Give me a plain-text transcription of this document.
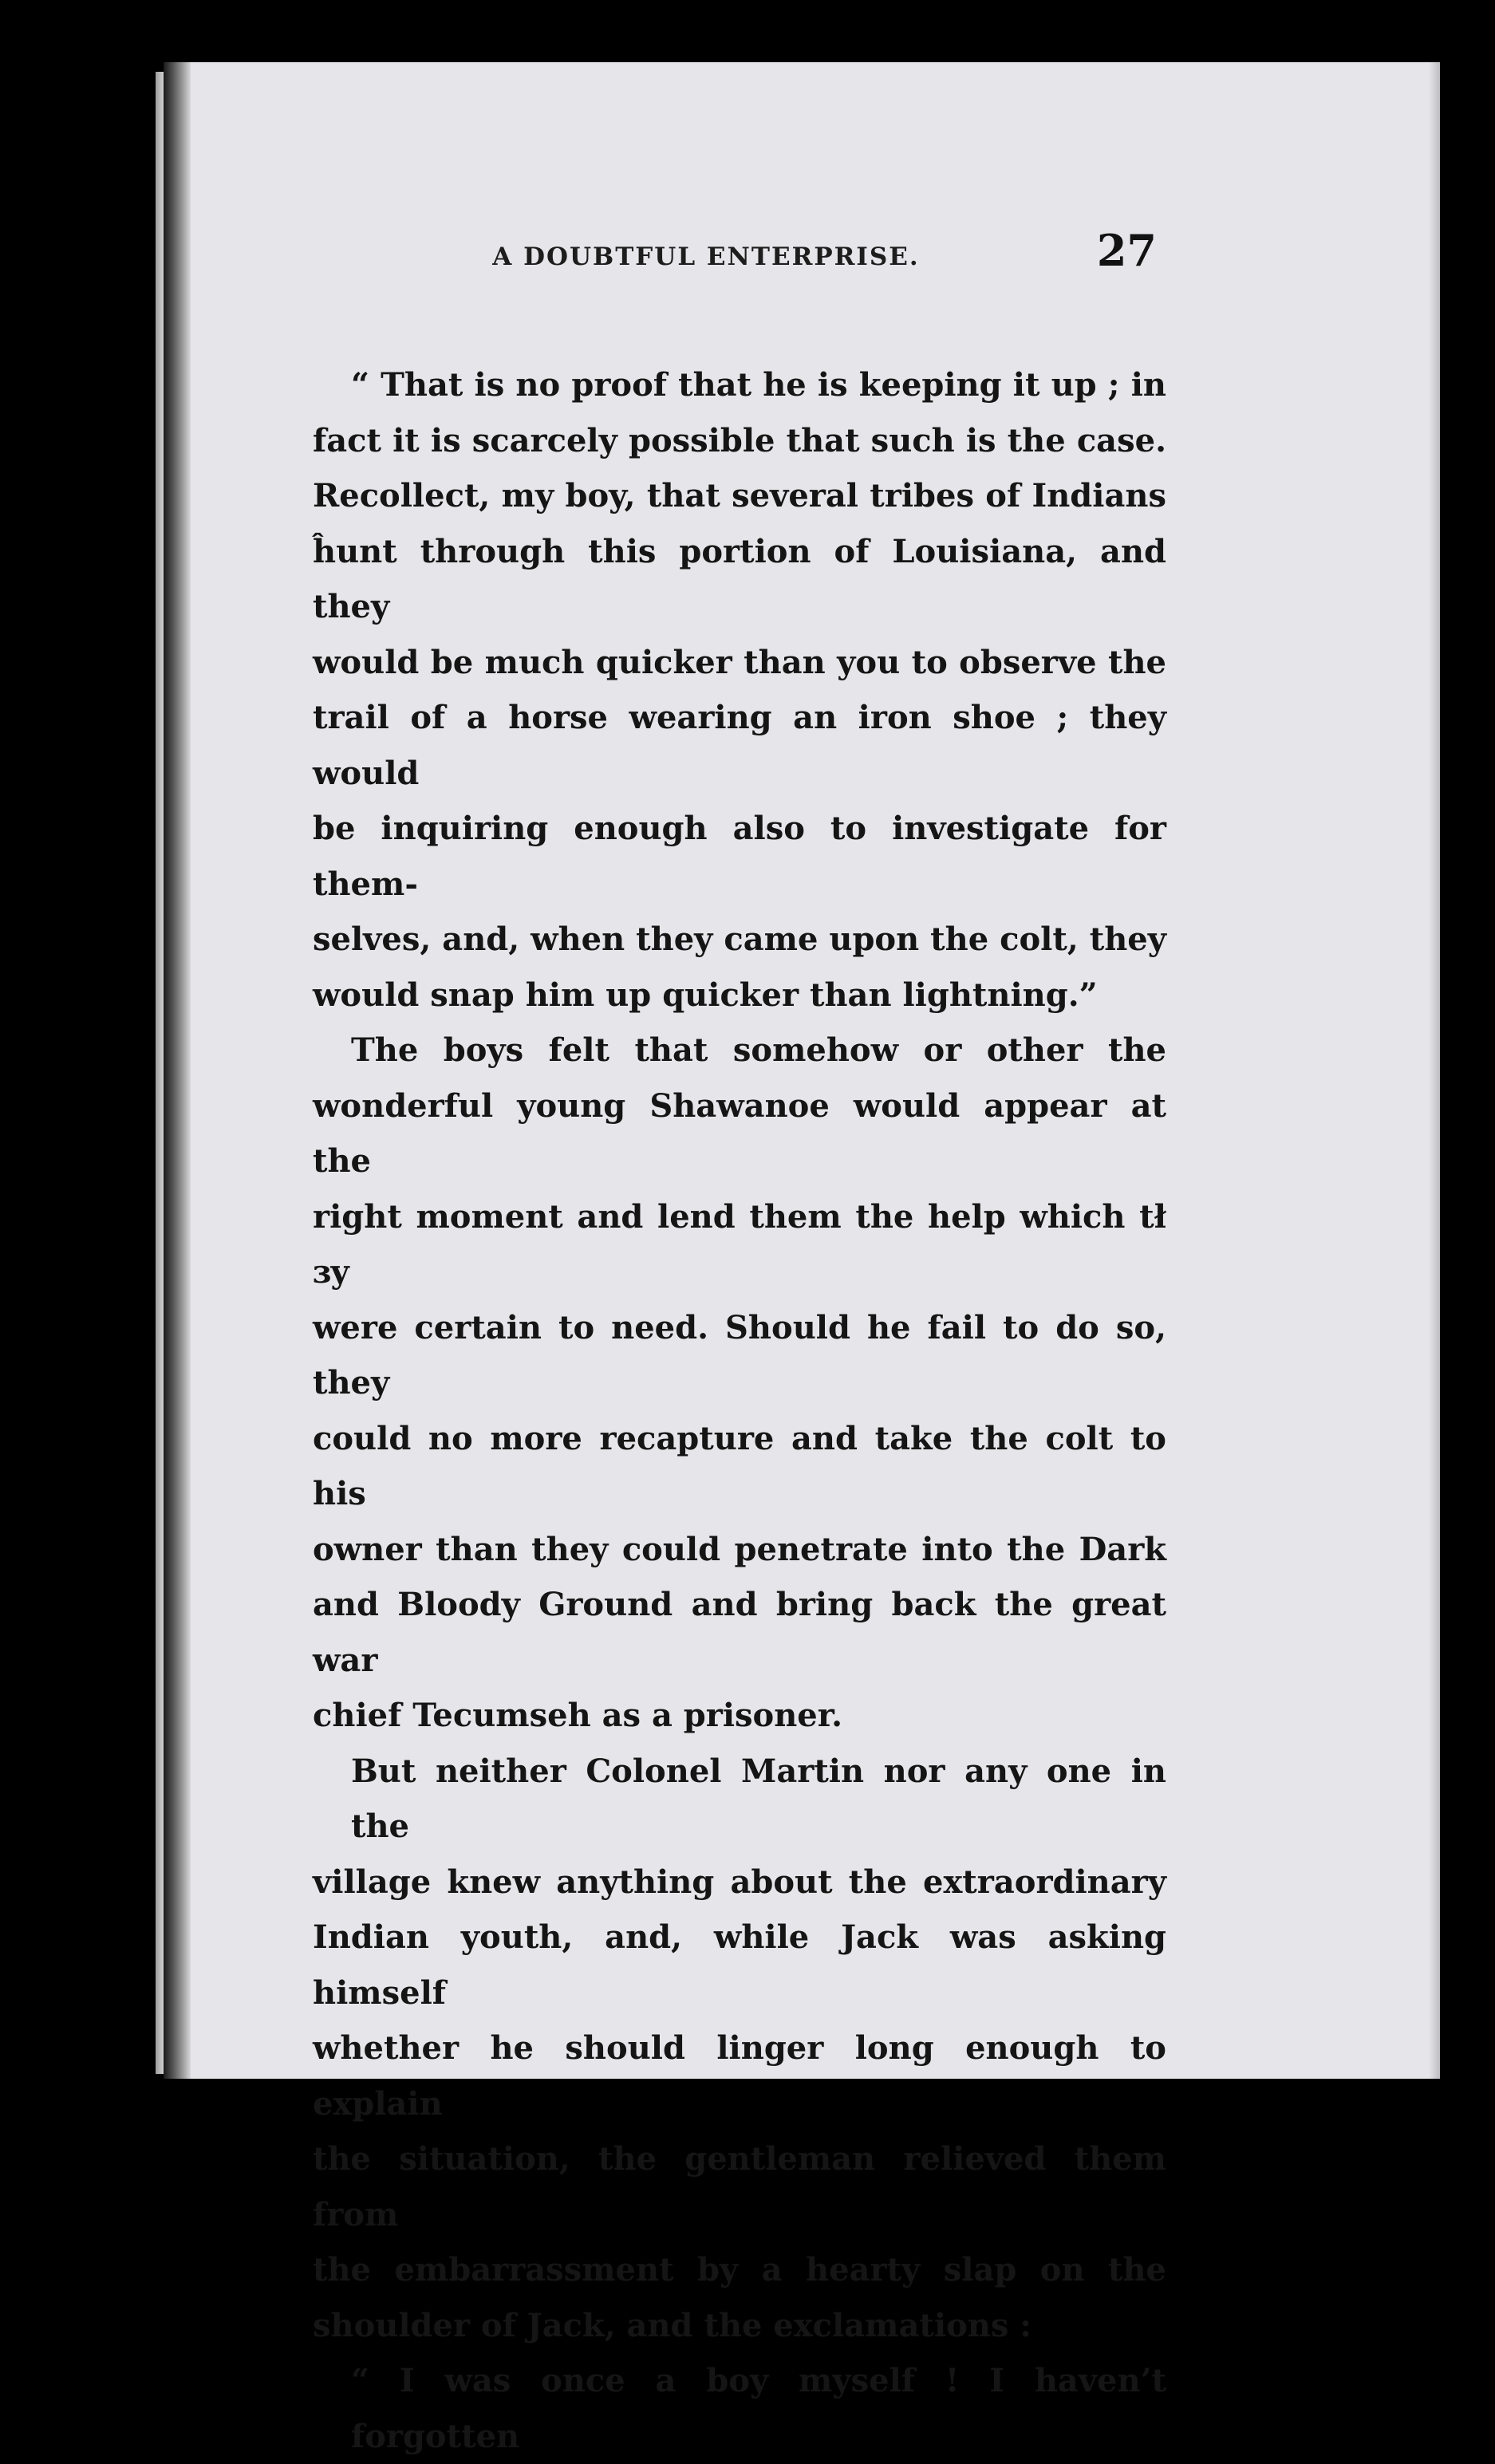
A DOUBTFUL ENTERPRISE.	27
“ That is no proof that he is keeping it up ; in
fact it is scarcely possible that such is the case.
Recollect, my boy, that several tribes of Indians
ĥunt through this portion of Louisiana, and they
would be much quicker than you to observe the
trail of a horse wearing an iron shoe ; they would
be inquiring enough also to investigate for them-
selves, and, when they came upon the colt, they
would snap him up quicker than lightning.”
The boys felt that somehow or other the
wonderful young Shawanoe would appear at the
right moment and lend them the help which tł ɜy
were certain to need. Should he fail to do so, they
could no more recapture and take the colt to his
owner than they could penetrate into the Dark
and Bloody Ground and bring back the great war
chief Tecumseh as a prisoner.
But neither Colonel Martin nor any one in the
village knew anything about the extraordinary
Indian youth, and, while Jack was asking himself
whether he should linger long enough to explain
the situation, the gentleman relieved them from
the embarrassment by a hearty slap on the
shoulder of Jack, and the exclamations :
“ I was once a boy myself ! I haven’t forgotten
